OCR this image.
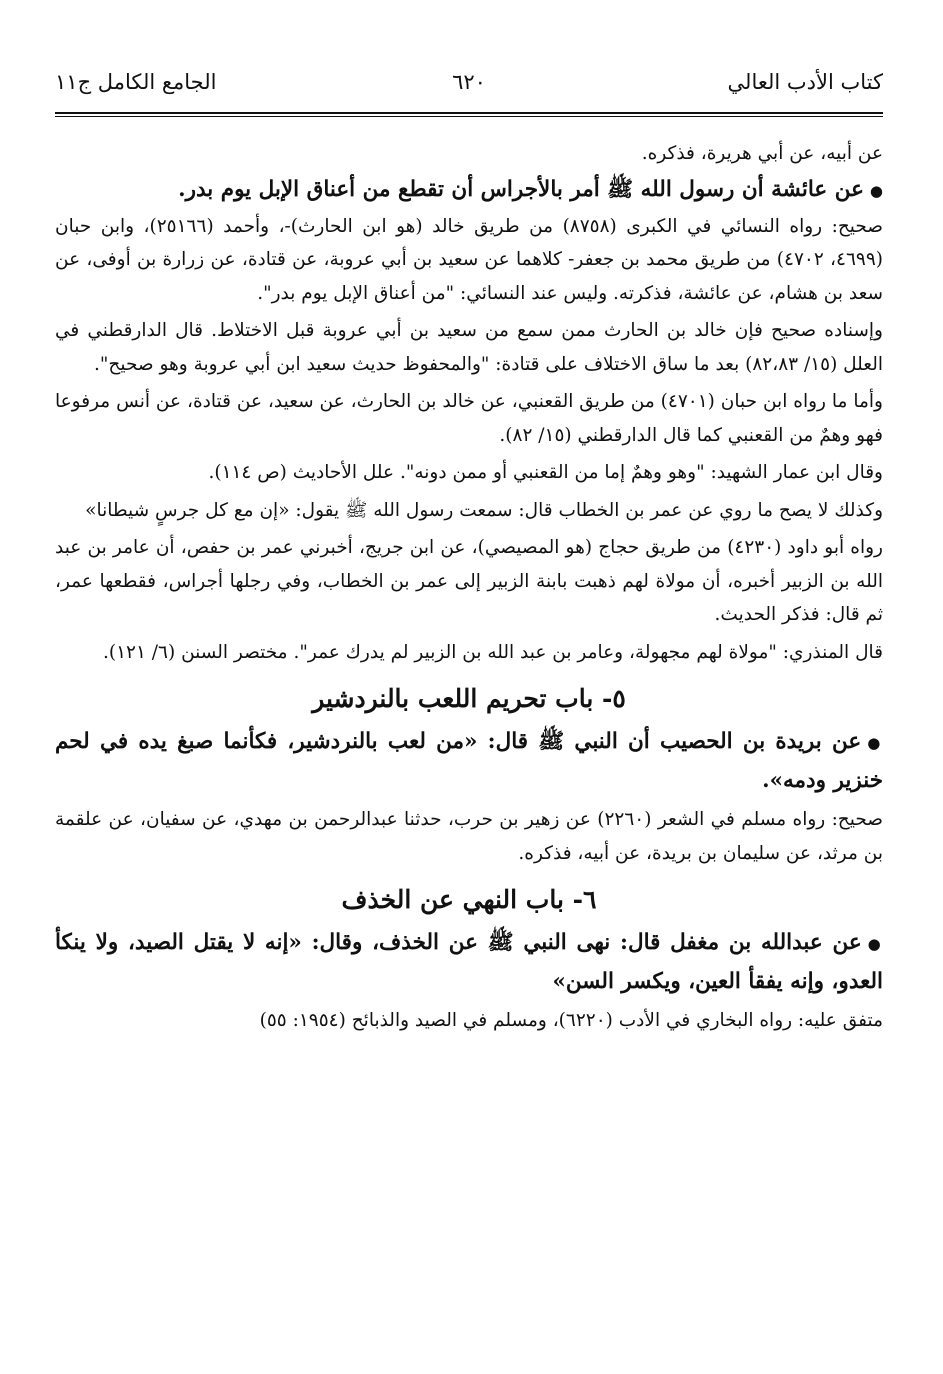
كتاب الأدب العالي
٦٢٠
الجامع الكامل ج١١

عن أبيه، عن أبي هريرة، فذكره.

●عن عائشة أن رسول الله ﷺ أمر بالأجراس أن تقطع من أعناق الإبل يوم بدر.

صحيح: رواه النسائي في الكبرى (٨٧٥٨) من طريق خالد (هو ابن الحارث)-، وأحمد (٢٥١٦٦)، وابن حبان (٤٦٩٩، ٤٧٠٢) من طريق محمد بن جعفر- كلاهما عن سعيد بن أبي عروبة، عن قتادة، عن زرارة بن أوفى، عن سعد بن هشام، عن عائشة، فذكرته. وليس عند النسائي: "من أعناق الإبل يوم بدر".

وإسناده صحيح فإن خالد بن الحارث ممن سمع من سعيد بن أبي عروبة قبل الاختلاط. قال الدارقطني في العلل (١٥/ ٨٢،٨٣) بعد ما ساق الاختلاف على قتادة: "والمحفوظ حديث سعيد ابن أبي عروبة وهو صحيح".

وأما ما رواه ابن حبان (٤٧٠١) من طريق القعنبي، عن خالد بن الحارث، عن سعيد، عن قتادة، عن أنس مرفوعا فهو وهمٌ من القعنبي كما قال الدارقطني (١٥/ ٨٢).

وقال ابن عمار الشهيد: "وهو وهمٌ إما من القعنبي أو ممن دونه". علل الأحاديث (ص ١١٤).

وكذلك لا يصح ما روي عن عمر بن الخطاب قال: سمعت رسول الله ﷺ يقول: «إن مع كل جرسٍ شيطانا»

رواه أبو داود (٤٢٣٠) من طريق حجاج (هو المصيصي)، عن ابن جريج، أخبرني عمر بن حفص، أن عامر بن عبد الله بن الزبير أخبره، أن مولاة لهم ذهبت بابنة الزبير إلى عمر بن الخطاب، وفي رجلها أجراس، فقطعها عمر، ثم قال: فذكر الحديث.

قال المنذري: "مولاة لهم مجهولة، وعامر بن عبد الله بن الزبير لم يدرك عمر". مختصر السنن (٦/ ١٢١).

٥- باب تحريم اللعب بالنردشير

●عن بريدة بن الحصيب أن النبي ﷺ قال: «من لعب بالنردشير، فكأنما صبغ يده في لحم خنزير ودمه».

صحيح: رواه مسلم في الشعر (٢٢٦٠) عن زهير بن حرب، حدثنا عبدالرحمن بن مهدي، عن سفيان، عن علقمة بن مرثد، عن سليمان بن بريدة، عن أبيه، فذكره.

٦- باب النهي عن الخذف

●عن عبدالله بن مغفل قال: نهى النبي ﷺ عن الخذف، وقال: «إنه لا يقتل الصيد، ولا ينكأ العدو، وإنه يفقأ العين، ويكسر السن»

متفق عليه: رواه البخاري في الأدب (٦٢٢٠)، ومسلم في الصيد والذبائح (١٩٥٤: ٥٥)
